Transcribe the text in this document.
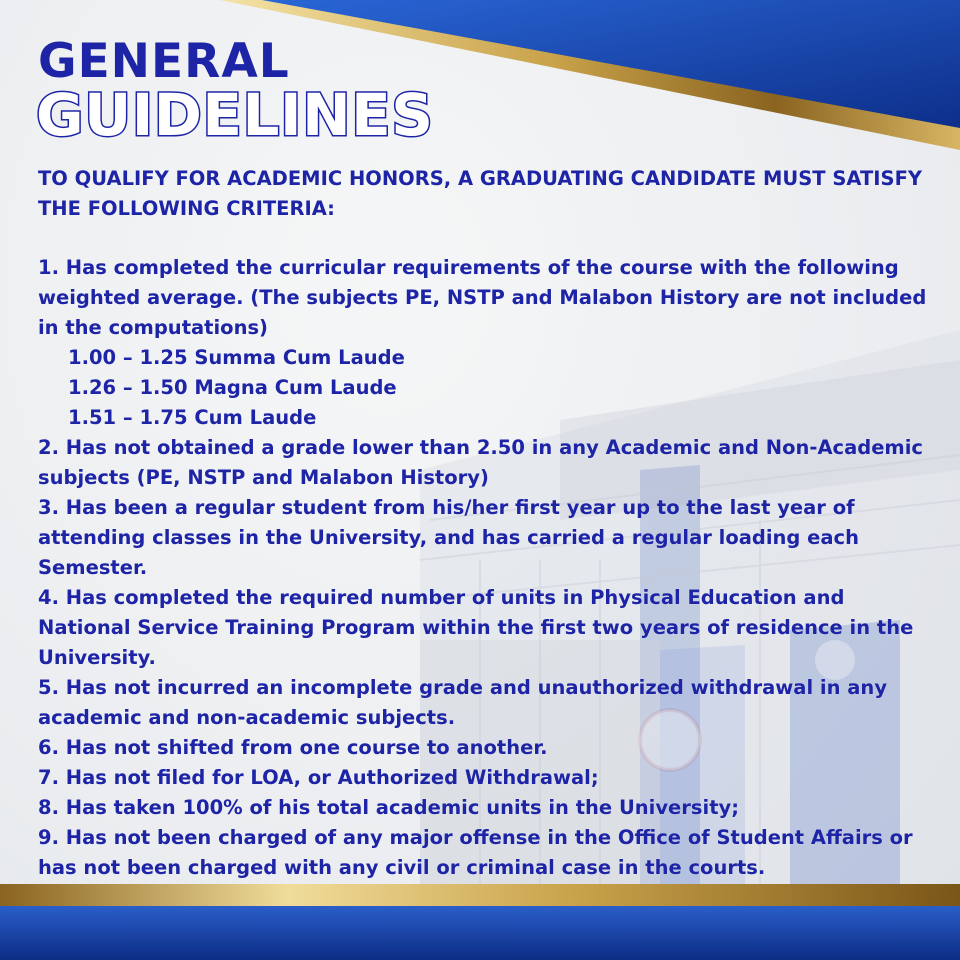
GENERAL
GUIDELINES

TO QUALIFY FOR ACADEMIC HONORS, A GRADUATING CANDIDATE MUST SATISFY THE FOLLOWING CRITERIA:

1. Has completed the curricular requirements of the course with the following weighted average. (The subjects PE, NSTP and Malabon History are not included in the computations)
1.00 – 1.25 Summa Cum Laude
1.26 – 1.50 Magna Cum Laude
1.51 – 1.75 Cum Laude
2. Has not obtained a grade lower than 2.50 in any Academic and Non-Academic subjects (PE, NSTP and Malabon History)
3. Has been a regular student from his/her first year up to the last year of attending classes in the University, and has carried a regular loading each Semester.
4. Has completed the required number of units in Physical Education and National Service Training Program within the first two years of residence in the University.
5. Has not incurred an incomplete grade and unauthorized withdrawal in any academic and non-academic subjects.
6. Has not shifted from one course to another.
7. Has not filed for LOA, or Authorized Withdrawal;
8. Has taken 100% of his total academic units in the University;
9. Has not been charged of any major offense in the Office of Student Affairs or has not been charged with any civil or criminal case in the courts.
